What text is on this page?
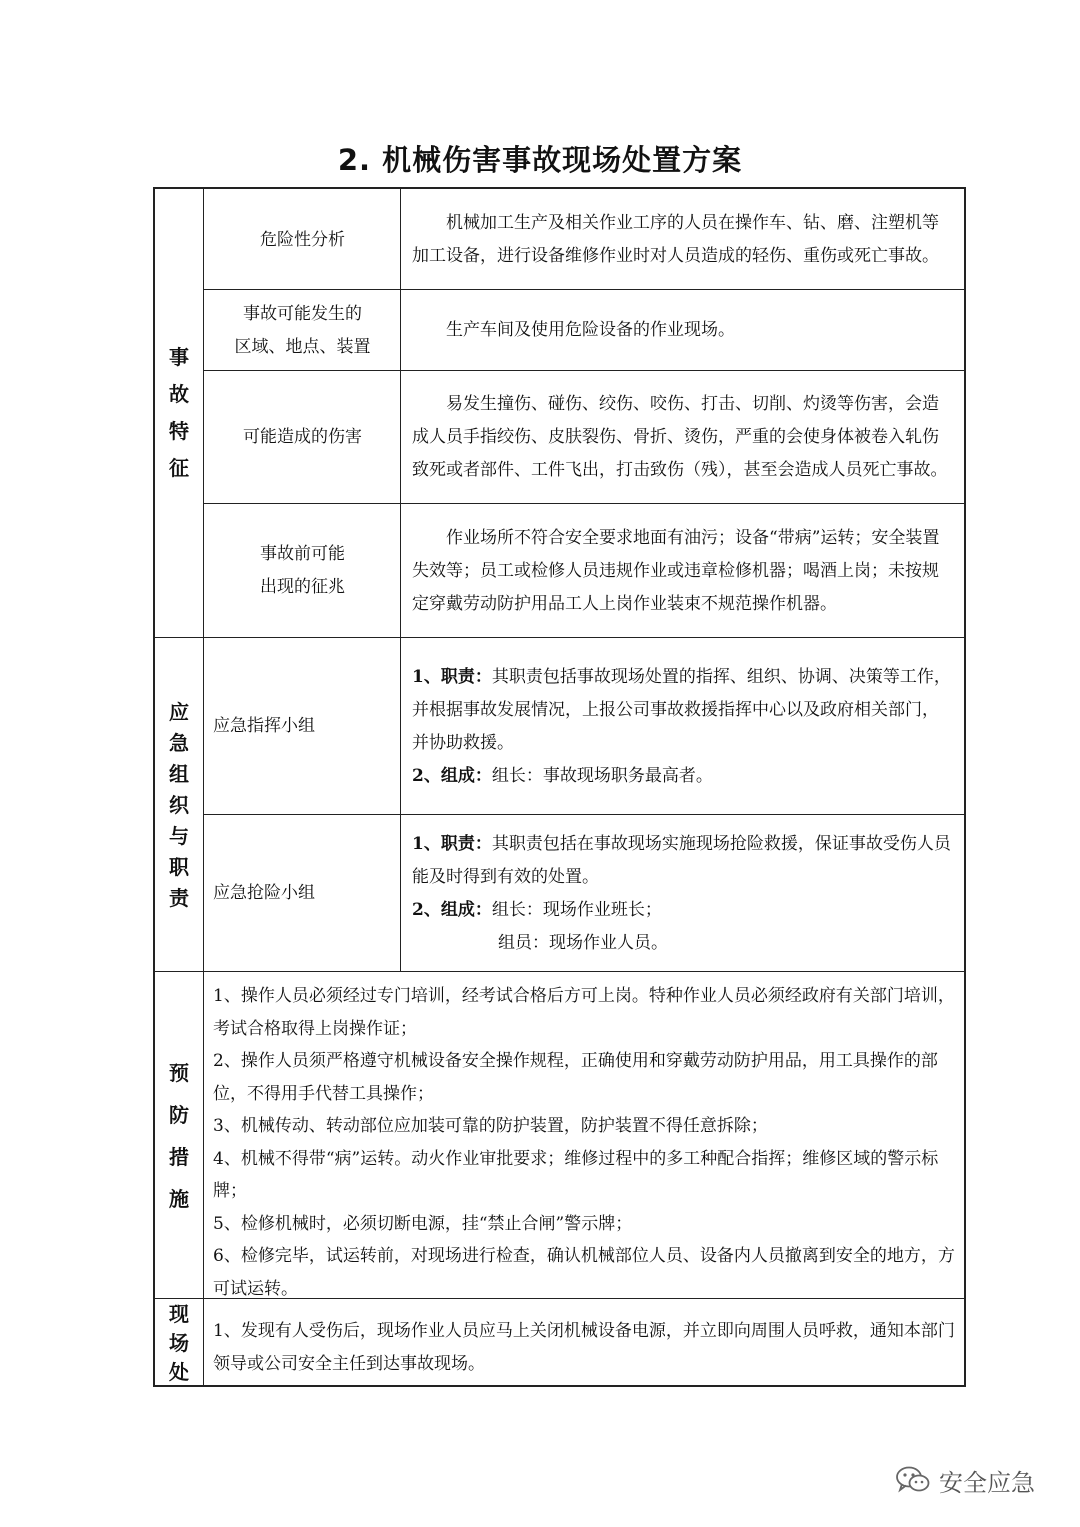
2. 机械伤害事故现场处置方案
事
故
特
征
危险性分析
机械加工生产及相关作业工序的人员在操作车、钻、磨、注塑机等加工设备，进行设备维修作业时对人员造成的轻伤、重伤或死亡事故。
事故可能发生的
区域、地点、装置
生产车间及使用危险设备的作业现场。
可能造成的伤害
易发生撞伤、碰伤、绞伤、咬伤、打击、切削、灼烫等伤害，会造成人员手指绞伤、皮肤裂伤、骨折、烫伤，严重的会使身体被卷入轧伤致死或者部件、工件飞出，打击致伤（残），甚至会造成人员死亡事故。
事故前可能
出现的征兆
作业场所不符合安全要求地面有油污；设备“带病”运转；安全装置失效等；员工或检修人员违规作业或违章检修机器；喝酒上岗；未按规定穿戴劳动防护用品工人上岗作业装束不规范操作机器。
应
急
组
织
与
职
责
应急指挥小组
1、职责：其职责包括事故现场处置的指挥、组织、协调、决策等工作，并根据事故发展情况，上报公司事故救援指挥中心以及政府相关部门，并协助救援。
2、组成：组长：事故现场职务最高者。
应急抢险小组
1、职责：其职责包括在事故现场实施现场抢险救援，保证事故受伤人员能及时得到有效的处置。
2、组成：组长：现场作业班长；
组员：现场作业人员。
预
防
措
施
1、操作人员必须经过专门培训，经考试合格后方可上岗。特种作业人员必须经政府有关部门培训，考试合格取得上岗操作证；
2、操作人员须严格遵守机械设备安全操作规程，正确使用和穿戴劳动防护用品，用工具操作的部位，不得用手代替工具操作；
3、机械传动、转动部位应加装可靠的防护装置，防护装置不得任意拆除；
4、机械不得带“病”运转。动火作业审批要求；维修过程中的多工种配合指挥；维修区域的警示标牌；
5、检修机械时，必须切断电源，挂“禁止合闸”警示牌；
6、检修完毕，试运转前，对现场进行检查，确认机械部位人员、设备内人员撤离到安全的地方，方可试运转。
现
场
处
1、发现有人受伤后，现场作业人员应马上关闭机械设备电源，并立即向周围人员呼救，通知本部门领导或公司安全主任到达事故现场。
安全应急
